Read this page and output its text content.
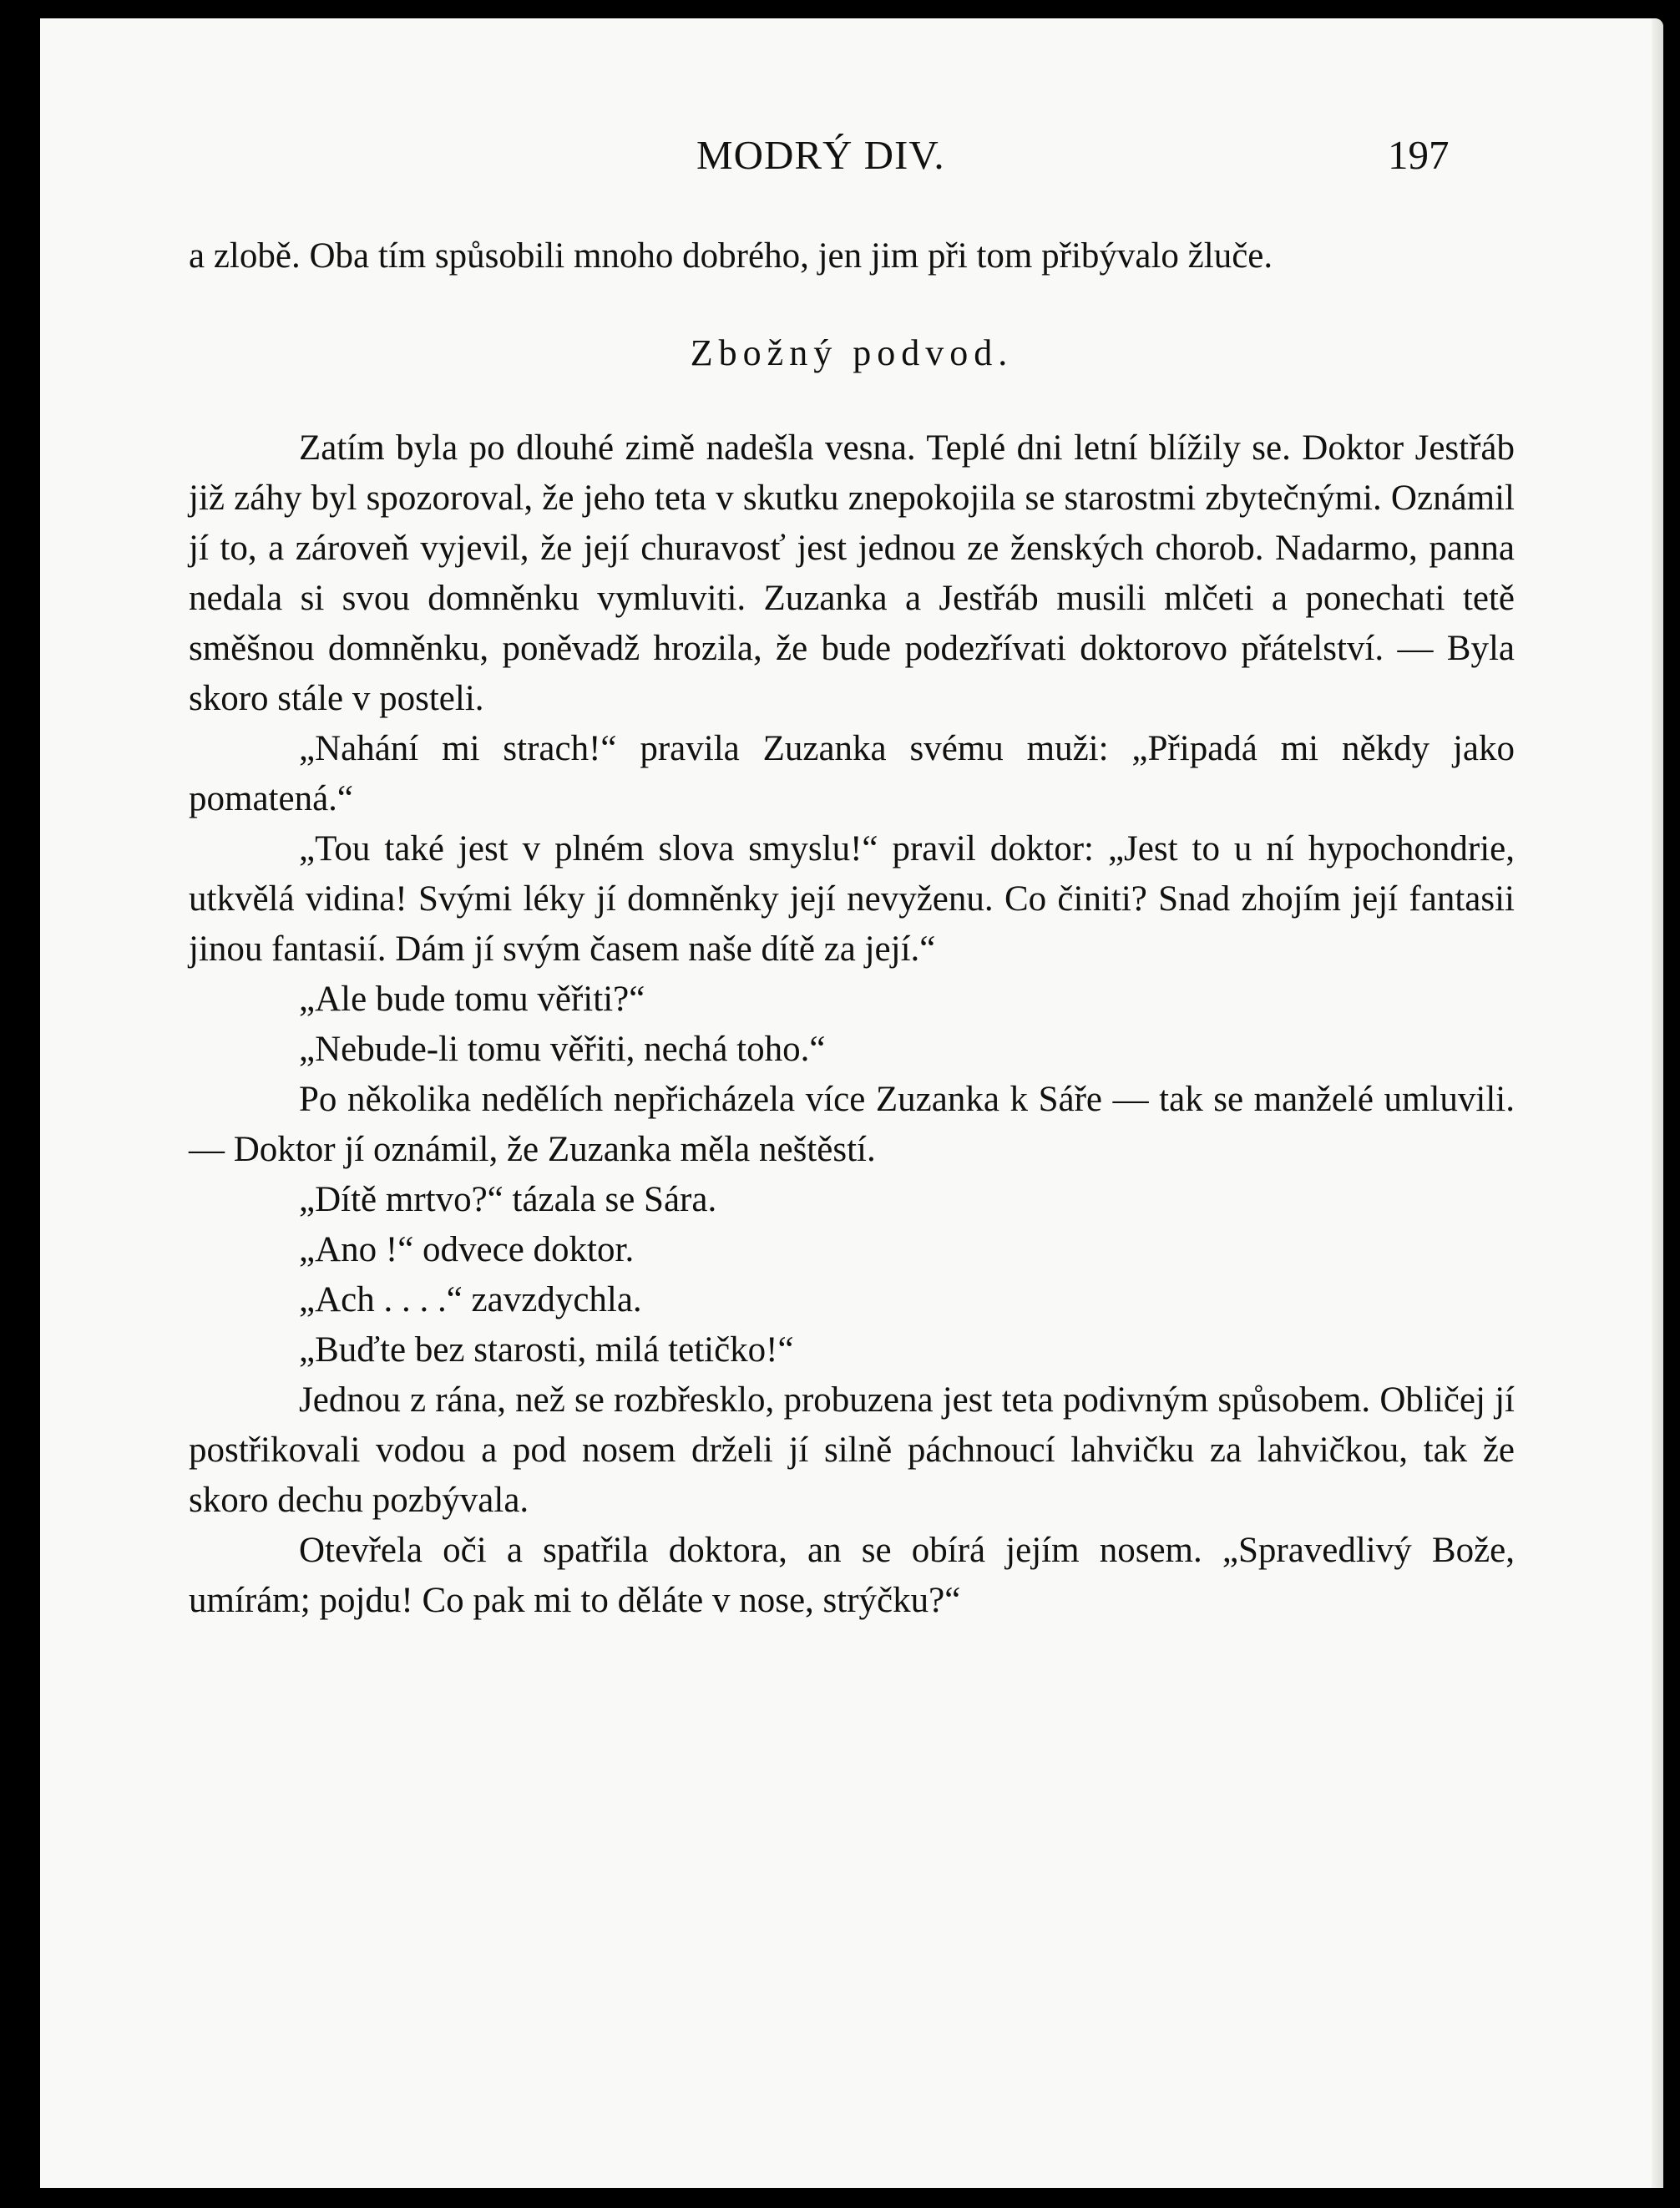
MODRÝ DIV.	197

a zlobě. Oba tím spůsobili mnoho dobrého, jen jim při tom přibývalo žluče.

Zbožný podvod.

Zatím byla po dlouhé zimě nadešla vesna. Teplé dni letní blížily se. Doktor Jestřáb již záhy byl spozoroval, že jeho teta v skutku znepokojila se starostmi zbytečnými. Oznámil jí to, a zároveň vyjevil, že její churavosť jest jednou ze ženských chorob. Nadarmo, panna nedala si svou domněnku vymluviti. Zuzanka a Jestřáb musili mlčeti a ponechati tetě směšnou domněnku, poněvadž hrozila, že bude podezřívati doktorovo přátelství. — Byla skoro stále v posteli.

„Nahání mi strach!“ pravila Zuzanka svému muži: „Připadá mi někdy jako pomatená.“

„Tou také jest v plném slova smyslu!“ pravil doktor: „Jest to u ní hypochondrie, utkvělá vidina! Svými léky jí domněnky její nevyženu. Co činiti? Snad zhojím její fantasii jinou fantasií. Dám jí svým časem naše dítě za její.“

„Ale bude tomu věřiti?“

„Nebude-li tomu věřiti, nechá toho.“

Po několika nedělích nepřicházela více Zuzanka k Sáře — tak se manželé umluvili. — Doktor jí oznámil, že Zuzanka měla neštěstí.

„Dítě mrtvo?“ tázala se Sára.

„Ano !“ odvece doktor.

„Ach . . . .“ zavzdychla.

„Buďte bez starosti, milá tetičko!“

Jednou z rána, než se rozbřesklo, probuzena jest teta podivným spůsobem. Obličej jí postřikovali vodou a pod nosem drželi jí silně páchnoucí lahvičku za lahvičkou, tak že skoro dechu pozbývala.

Otevřela oči a spatřila doktora, an se obírá jejím nosem. „Spravedlivý Bože, umírám; pojdu! Co pak mi to děláte v nose, strýčku?“
